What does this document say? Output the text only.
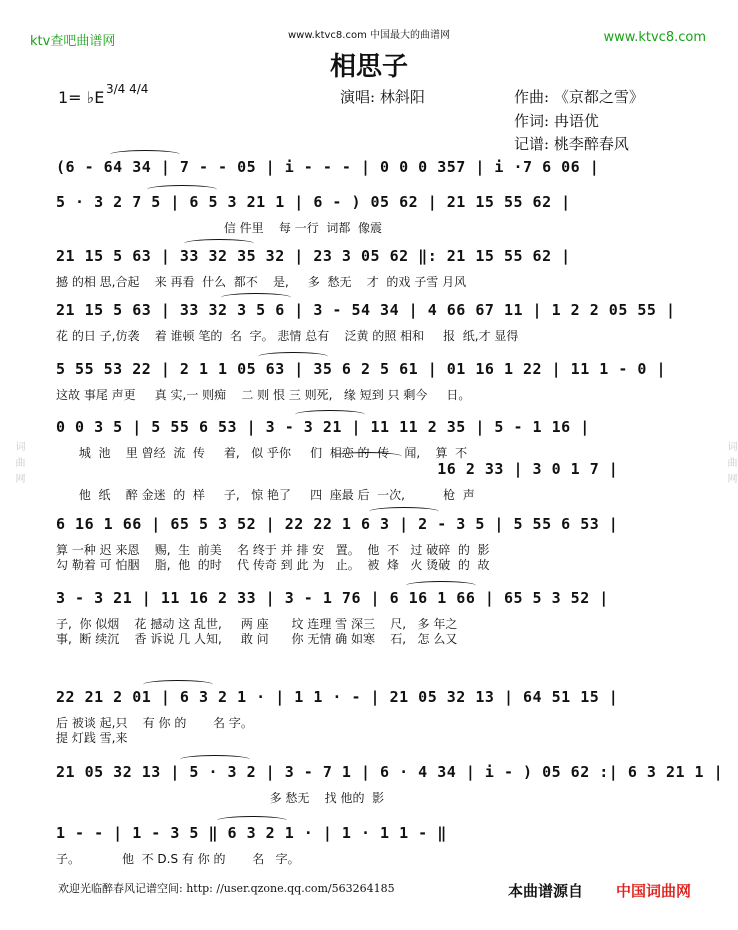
词曲网	词曲网
www.ktvc8.com 中国最大的曲谱网
ktv查吧曲谱网	www.ktvc8.com
相思子
1= ♭E 3/4 4/4	演唱: 林斜阳	作曲: 《京都之雪》
作词: 冉语优
记谱: 桃李醉春风
(6 - 64 34 | 7 - - 05 | i - - - | 0 0 0 357 | i ·7 6 06 |
5 · 3 2 7 5 | 6 5 3 21 1 | 6 - ) 05 62 | 21 15 55 62 |
信 件里    每 一行  词都  像震
21 15 5 63 | 33 32 35 32 | 23 3 05 62 ‖: 21 15 55 62 |
撼 的相 思,合起    来 再看  什么  都不    是,     多  愁无    才  的戏 子雪 月风
21 15 5 63 | 33 32 3 5 6 | 3 - 54 34 | 4 66 67 11 | 1 2 2 05 55 |
花 的日 子,仿袭    着 谁顿 笔的  名  字。 悲情 总有    泛黄 的照 相和     报  纸,才 显得
5 55 53 22 | 2 1 1 05 63 | 35 6 2 5 61 | 01 16 1 22 | 11 1 - 0 |
这故 事尾 声更     真 实,一 则痴    二 则 恨 三 则死,   缘 短到 只 剩今     日。
0 0 3 5 | 5 55 6 53 | 3 - 3 21 | 11 11 2 35 | 5 - 1 16 |
城  池    里 曾经  流  传     着,   似 乎你     们  相恋 的  传    闻,    算  不
16 2 33 | 3 0 1 7 |
他  纸    醉 金迷  的  样     子,   惊 艳了     四  座最 后  一次,          枪  声
6 16 1 66 | 65 5 3 52 | 22 22 1 6 3 | 2 - 3 5 | 5 55 6 53 |
算 一种 迟 来恩    赐,  生  前美    名 终于 并 排 安   置。  他  不   过 破碎  的  影
勾 勒着 可 怕胭    脂,  他  的时    代 传奇 到 此 为   止。  被  烽   火 烫破  的  故
3 - 3 21 | 11 16 2 33 | 3 - 1 76 | 6 16 1 66 | 65 5 3 52 |
子,  你 似烟    花 撼动 这 乱世,     两 座      坟 连理 雪 深三    尺,   多 年之
事,  断 续沉    香 诉说 几 人知,     敢 问      你 无情 确 如寒    石,   怎 么又
22 21 2 01 | 6 3 2 1 · | 1 1 · - | 21 05 32 13 | 64 51 15 |
后 被谈 起,只    有 你 的       名 字。
提 灯践 雪,来
21 05 32 13 | 5 · 3 2 | 3 - 7 1 | 6 · 4 34 | i - ) 05 62 :| 6 3 21 1 |
多 愁无    找 他的  影
1 - - | 1 - 3 5 ‖ 6 3 2 1 · | 1 · 1 1 - ‖
子。           他  不 D.S 有 你 的       名   字。
欢迎光临醉春风记谱空间: http: //user.qzone.qq.com/563264185	本曲谱源自 中国词曲网
